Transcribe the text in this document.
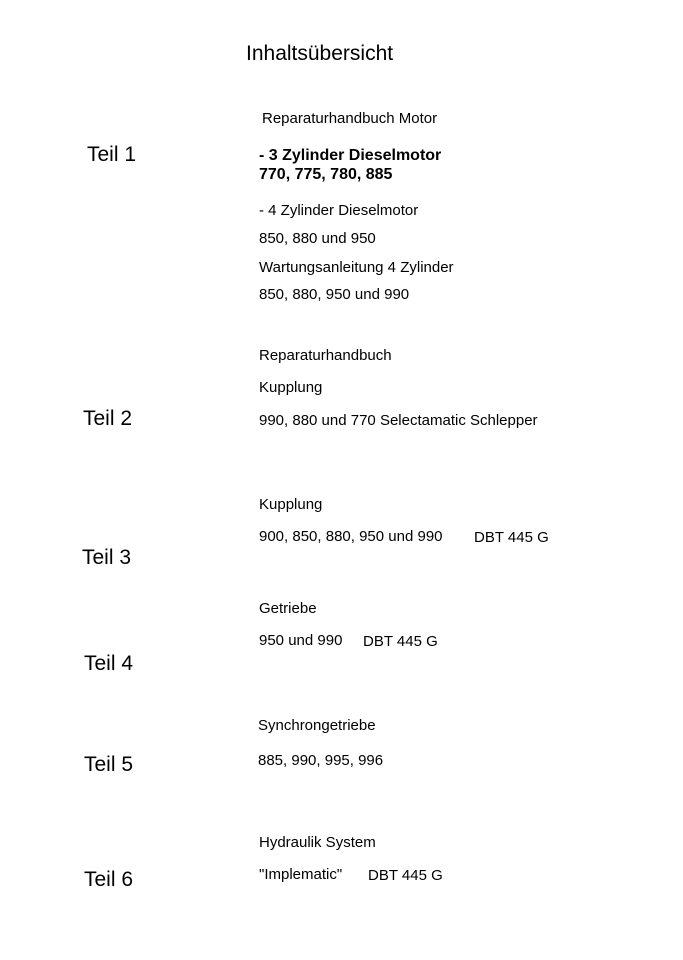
Inhaltsübersicht
Teil 1
Reparaturhandbuch Motor
- 3 Zylinder Dieselmotor
770, 775, 780, 885
- 4 Zylinder Dieselmotor
850, 880 und 950
Wartungsanleitung 4 Zylinder
850, 880, 950 und 990
Teil 2
Reparaturhandbuch
Kupplung
990, 880 und 770 Selectamatic Schlepper
Teil 3
Kupplung
900, 850, 880, 950 und 990 DBT 445 G
Teil 4
Getriebe
950 und 990 DBT 445 G
Teil 5
Synchrongetriebe
885, 990, 995, 996
Teil 6
Hydraulik System
"Implematic" DBT 445 G
